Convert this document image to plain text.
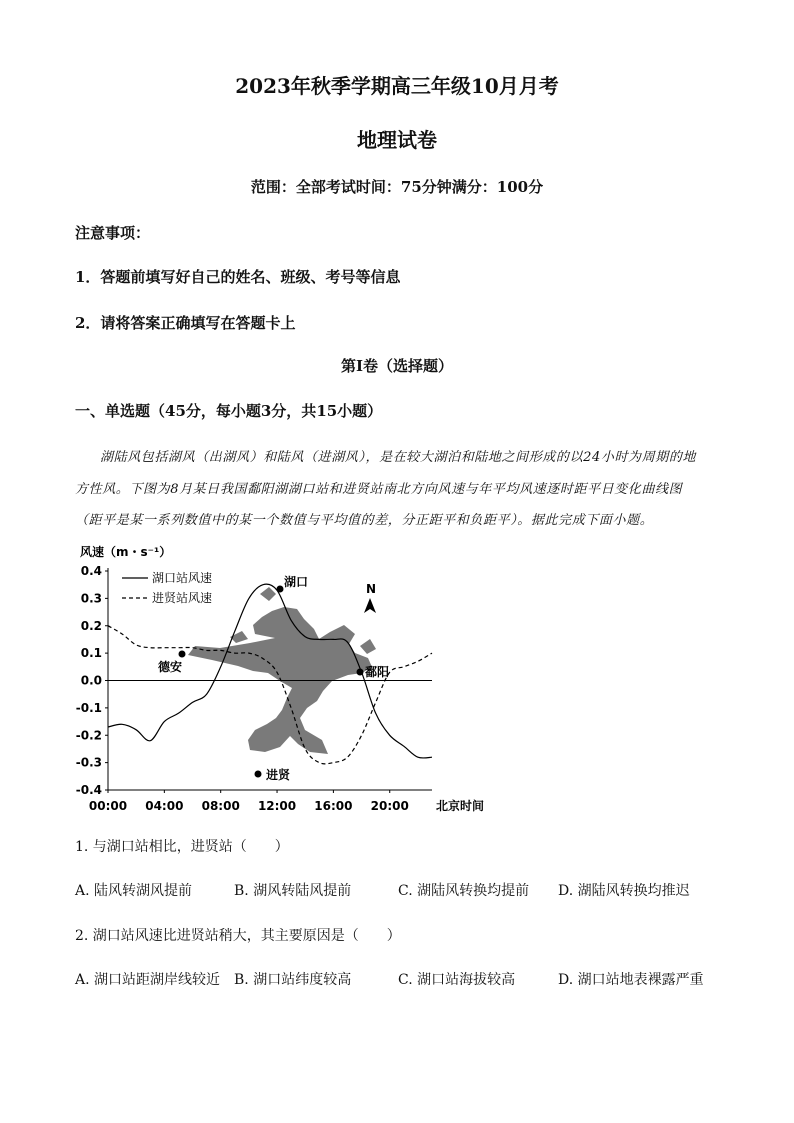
2023年秋季学期高三年级10月月考
地理试卷
范围：全部考试时间：75分钟满分：100分
注意事项：
1．答题前填写好自己的姓名、班级、考号等信息
2．请将答案正确填写在答题卡上
第I卷（选择题）
一、单选题（45分，每小题3分，共15小题）
湖陆风包括湖风（出湖风）和陆风（进湖风），是在较大湖泊和陆地之间形成的以24小时为周期的地
方性风。下图为8月某日我国鄱阳湖湖口站和进贤站南北方向风速与年平均风速逐时距平日变化曲线图
（距平是某一系列数值中的某一个数值与平均值的差，分正距平和负距平）。据此完成下面小题。
风速（m・s⁻¹）
北京时间
0.4
0.3
0.2
0.1
0.0
-0.1
-0.2
-0.3
-0.4
00:00 04:00 08:00 12:00 16:00 20:00
湖口站风速
进贤站风速
N
湖口
德安	鄱阳
进贤
1. 与湖口站相比，进贤站（　　）
A. 陆风转湖风提前	B. 湖风转陆风提前	C. 湖陆风转换均提前 D. 湖陆风转换均推迟
2. 湖口站风速比进贤站稍大，其主要原因是（　　）
A. 湖口站距湖岸线较近 B. 湖口站纬度较高	C. 湖口站海拔较高	D. 湖口站地表裸露严重
